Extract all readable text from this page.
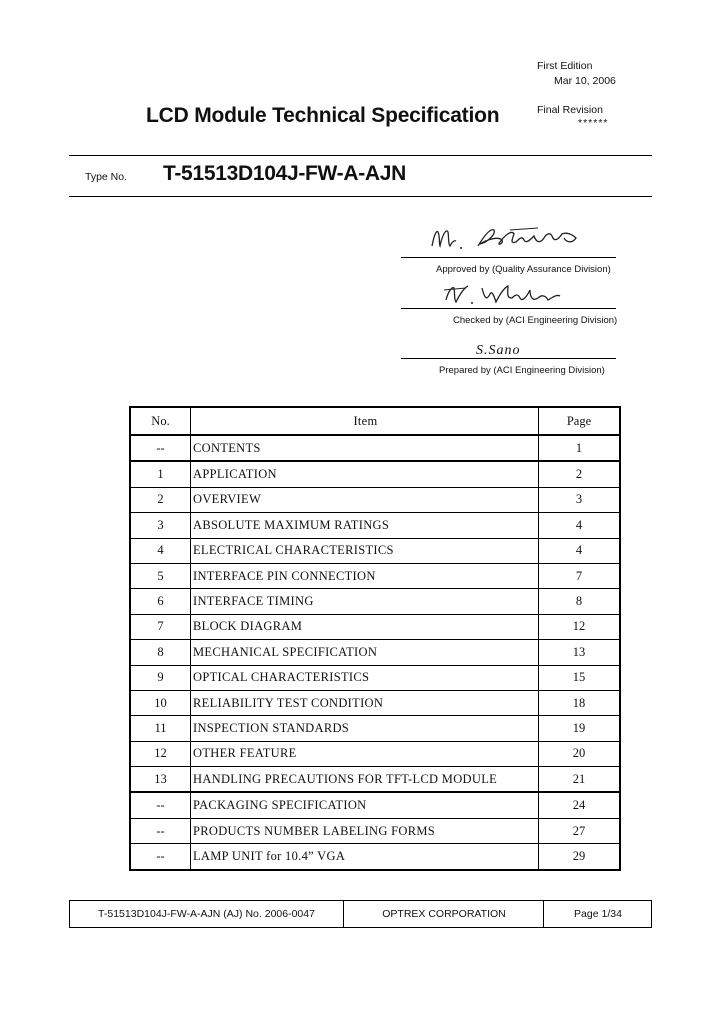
First Edition
Mar 10, 2006
Final Revision
******
LCD Module Technical Specification
Type No. T-51513D104J-FW-A-AJN
Approved by (Quality Assurance Division)
Checked by (ACI Engineering Division)
S.Sano
Prepared by (ACI Engineering Division)
No.	Item	Page
--	CONTENTS	1
1	APPLICATION	2
2	OVERVIEW	3
3	ABSOLUTE MAXIMUM RATINGS	4
4	ELECTRICAL CHARACTERISTICS	4
5	INTERFACE PIN CONNECTION	7
6	INTERFACE TIMING	8
7	BLOCK DIAGRAM	12
8	MECHANICAL SPECIFICATION	13
9	OPTICAL CHARACTERISTICS	15
10	RELIABILITY TEST CONDITION	18
11	INSPECTION STANDARDS	19
12	OTHER FEATURE	20
13	HANDLING PRECAUTIONS FOR TFT-LCD MODULE	21
--	PACKAGING SPECIFICATION	24
--	PRODUCTS NUMBER LABELING FORMS	27
--	LAMP UNIT for 10.4” VGA	29
T-51513D104J-FW-A-AJN (AJ) No. 2006-0047	OPTREX CORPORATION	Page 1/34
